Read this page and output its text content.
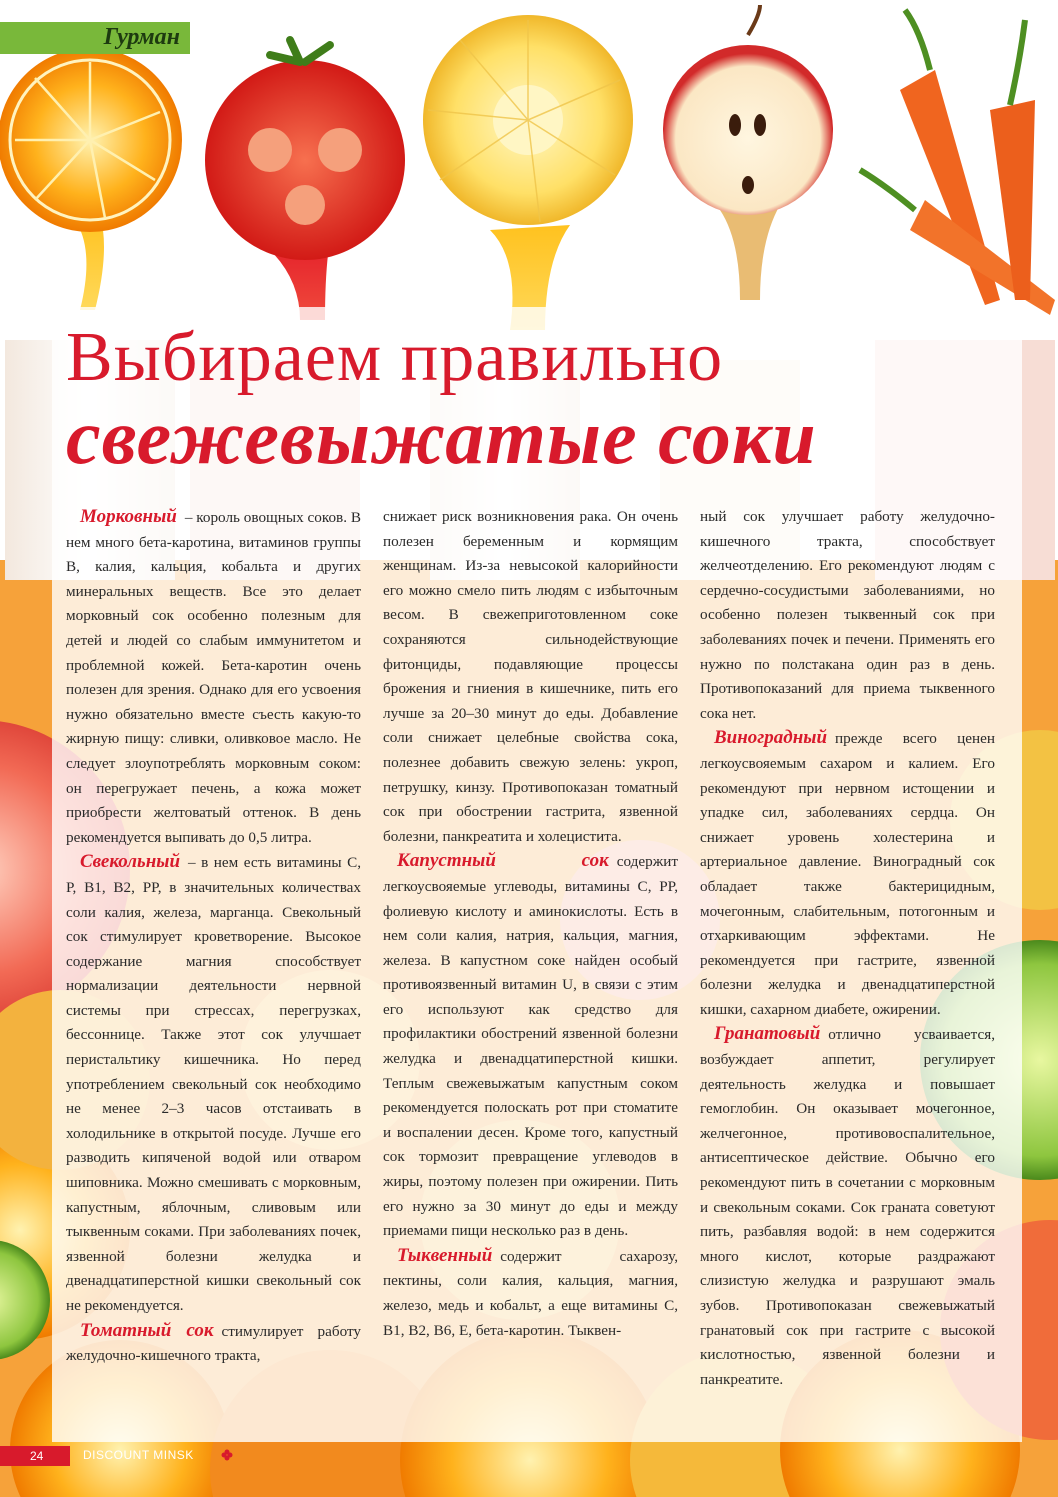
Гурман
Выбираем правильно
свежевыжатые соки

Морковный – король овощных соков. В нем много бета-каротина, витаминов группы В, калия, кальция, кобальта и других минеральных веществ. Все это делает морковный сок особенно полезным для детей и людей со слабым иммунитетом и проблемной кожей. Бета-каротин очень полезен для зрения. Однако для его усвоения нужно обязательно вместе съесть какую-то жирную пищу: сливки, оливковое масло. Не следует злоупотреблять морковным соком: он перегружает печень, а кожа может приобрести желтоватый оттенок. В день рекомендуется выпивать до 0,5 литра.

Свекольный – в нем есть витамины С, Р, В1, В2, РР, в значительных количествах соли калия, железа, марганца. Свекольный сок стимулирует кроветворение. Высокое содержание магния способствует нормализации деятельности нервной системы при стрессах, перегрузках, бессоннице. Также этот сок улучшает перистальтику кишечника. Но перед употреблением свекольный сок необходимо не менее 2–3 часов отстаивать в холодильнике в открытой посуде. Лучше его разводить кипяченой водой или отваром шиповника. Можно смешивать с морковным, капустным, яблочным, сливовым или тыквенным соками. При заболеваниях почек, язвенной болезни желудка и двенадцатиперстной кишки свекольный сок не рекомендуется.

Томатный сок стимулирует работу желудочно-кишечного тракта,

снижает риск возникновения рака. Он очень полезен беременным и кормящим женщинам. Из-за невысокой калорийности его можно смело пить людям с избыточным весом. В свежеприготовленном соке сохраняются сильнодействующие фитонциды, подавляющие процессы брожения и гниения в кишечнике, пить его лучше за 20–30 минут до еды. Добавление соли снижает целебные свойства сока, полезнее добавить свежую зелень: укроп, петрушку, кинзу. Противопоказан томатный сок при обострении гастрита, язвенной болезни, панкреатита и холецистита.

Капустный сок содержит легкоусвояемые углеводы, витамины С, РР, фолиевую кислоту и аминокислоты. Есть в нем соли калия, натрия, кальция, магния, железа. В капустном соке найден особый противоязвенный витамин U, в связи с этим его используют как средство для профилактики обострений язвенной болезни желудка и двенадцатиперстной кишки. Теплым свежевыжатым капустным соком рекомендуется полоскать рот при стоматите и воспалении десен. Кроме того, капустный сок тормозит превращение углеводов в жиры, поэтому полезен при ожирении. Пить его нужно за 30 минут до еды и между приемами пищи несколько раз в день.

Тыквенный содержит сахарозу, пектины, соли калия, кальция, магния, железо, медь и кобальт, а еще витамины С, В1, В2, В6, Е, бета-каротин. Тыквен-

ный сок улучшает работу желудочно-кишечного тракта, способствует желчеотделению. Его рекомендуют людям с сердечно-сосудистыми заболеваниями, но особенно полезен тыквенный сок при заболеваниях почек и печени. Применять его нужно по полстакана один раз в день. Противопоказаний для приема тыквенного сока нет.

Виноградный прежде всего ценен легкоусвояемым сахаром и калием. Его рекомендуют при нервном истощении и упадке сил, заболеваниях сердца. Он снижает уровень холестерина и артериальное давление. Виноградный сок обладает также бактерицидным, мочегонным, слабительным, потогонным и отхаркивающим эффектами. Не рекомендуется при гастрите, язвенной болезни желудка и двенадцатиперстной кишки, сахарном диабете, ожирении.

Гранатовый отлично усваивается, возбуждает аппетит, регулирует деятельность желудка и повышает гемоглобин. Он оказывает мочегонное, желчегонное, противовоспалительное, антисептическое действие. Обычно его рекомендуют пить в сочетании с морковным и свекольным соками. Сок граната советуют пить, разбавляя водой: в нем содержится много кислот, которые раздражают слизистую желудка и разрушают эмаль зубов. Противопоказан свежевыжатый гранатовый сок при гастрите с высокой кислотностью, язвенной болезни и панкреатите.

24	DISCOUNT MINSK
